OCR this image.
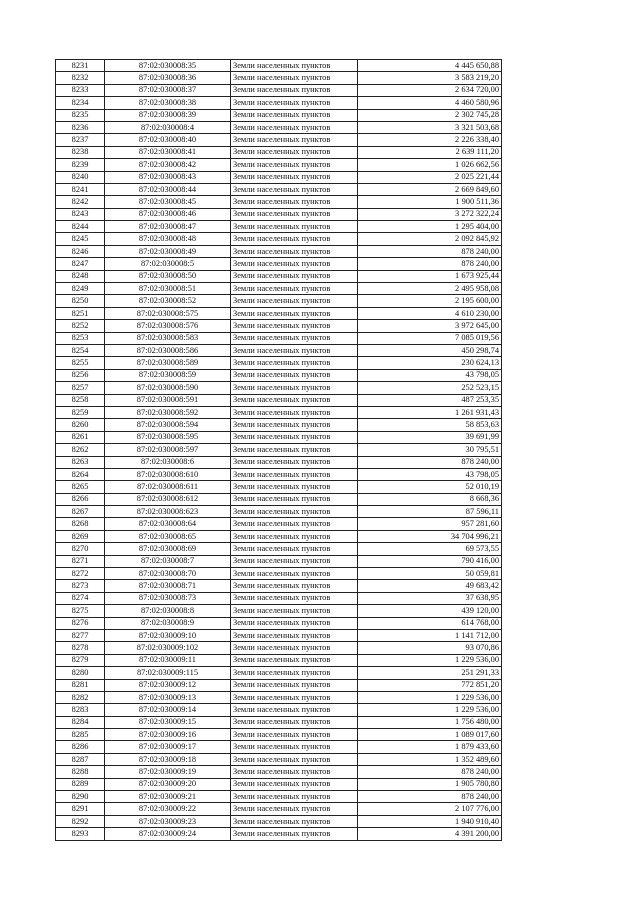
8231	87:02:030008:35	Земли населенных пунктов	4 445 650,88
8232	87:02:030008:36	Земли населенных пунктов	3 583 219,20
8233	87:02:030008:37	Земли населенных пунктов	2 634 720,00
8234	87:02:030008:38	Земли населенных пунктов	4 460 580,96
8235	87:02:030008:39	Земли населенных пунктов	2 302 745,28
8236	87:02:030008:4	Земли населенных пунктов	3 321 503,68
8237	87:02:030008:40	Земли населенных пунктов	2 226 338,40
8238	87:02:030008:41	Земли населенных пунктов	2 639 111,20
8239	87:02:030008:42	Земли населенных пунктов	1 026 662,56
8240	87:02:030008:43	Земли населенных пунктов	2 025 221,44
8241	87:02:030008:44	Земли населенных пунктов	2 669 849,60
8242	87:02:030008:45	Земли населенных пунктов	1 900 511,36
8243	87:02:030008:46	Земли населенных пунктов	3 272 322,24
8244	87:02:030008:47	Земли населенных пунктов	1 295 404,00
8245	87:02:030008:48	Земли населенных пунктов	2 092 845,92
8246	87:02:030008:49	Земли населенных пунктов	878 240,00
8247	87:02:030008:5	Земли населенных пунктов	878 240,00
8248	87:02:030008:50	Земли населенных пунктов	1 673 925,44
8249	87:02:030008:51	Земли населенных пунктов	2 495 958,08
8250	87:02:030008:52	Земли населенных пунктов	2 195 600,00
8251	87:02:030008:575	Земли населенных пунктов	4 610 230,00
8252	87:02:030008:576	Земли населенных пунктов	3 972 645,00
8253	87:02:030008:583	Земли населенных пунктов	7 085 019,56
8254	87:02:030008:586	Земли населенных пунктов	450 298,74
8255	87:02:030008:589	Земли населенных пунктов	230 624,13
8256	87:02:030008:59	Земли населенных пунктов	43 798,05
8257	87:02:030008:590	Земли населенных пунктов	252 523,15
8258	87:02:030008:591	Земли населенных пунктов	487 253,35
8259	87:02:030008:592	Земли населенных пунктов	1 261 931,43
8260	87:02:030008:594	Земли населенных пунктов	58 853,63
8261	87:02:030008:595	Земли населенных пунктов	39 691,99
8262	87:02:030008:597	Земли населенных пунктов	30 795,51
8263	87:02:030008:6	Земли населенных пунктов	878 240,00
8264	87:02:030008:610	Земли населенных пунктов	43 798,05
8265	87:02:030008:611	Земли населенных пунктов	52 010,19
8266	87:02:030008:612	Земли населенных пунктов	8 668,36
8267	87:02:030008:623	Земли населенных пунктов	87 596,11
8268	87:02:030008:64	Земли населенных пунктов	957 281,60
8269	87:02:030008:65	Земли населенных пунктов	34 704 996,21
8270	87:02:030008:69	Земли населенных пунктов	69 573,55
8271	87:02:030008:7	Земли населенных пунктов	790 416,00
8272	87:02:030008:70	Земли населенных пунктов	50 059,81
8273	87:02:030008:71	Земли населенных пунктов	49 683,42
8274	87:02:030008:73	Земли населенных пунктов	37 638,95
8275	87:02:030008:8	Земли населенных пунктов	439 120,00
8276	87:02:030008:9	Земли населенных пунктов	614 768,00
8277	87:02:030009:10	Земли населенных пунктов	1 141 712,00
8278	87:02:030009:102	Земли населенных пунктов	93 070,86
8279	87:02:030009:11	Земли населенных пунктов	1 229 536,00
8280	87:02:030009:115	Земли населенных пунктов	251 291,33
8281	87:02:030009:12	Земли населенных пунктов	772 851,20
8282	87:02:030009:13	Земли населенных пунктов	1 229 536,00
8283	87:02:030009:14	Земли населенных пунктов	1 229 536,00
8284	87:02:030009:15	Земли населенных пунктов	1 756 480,00
8285	87:02:030009:16	Земли населенных пунктов	1 089 017,60
8286	87:02:030009:17	Земли населенных пунктов	1 879 433,60
8287	87:02:030009:18	Земли населенных пунктов	1 352 489,60
8288	87:02:030009:19	Земли населенных пунктов	878 240,00
8289	87:02:030009:20	Земли населенных пунктов	1 905 780,80
8290	87:02:030009:21	Земли населенных пунктов	878 240,00
8291	87:02:030009:22	Земли населенных пунктов	2 107 776,00
8292	87:02:030009:23	Земли населенных пунктов	1 940 910,40
8293	87:02:030009:24	Земли населенных пунктов	4 391 200,00
